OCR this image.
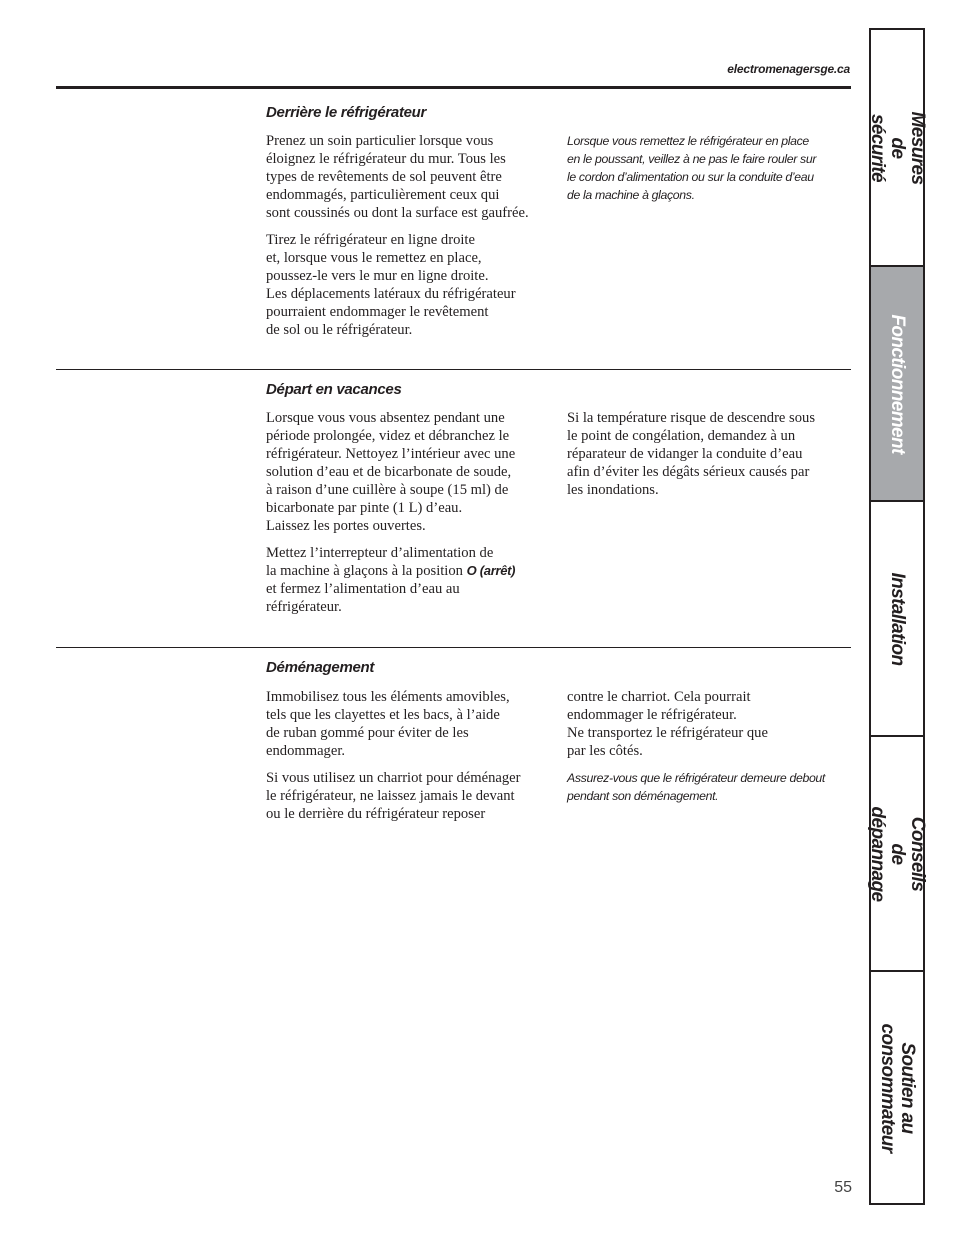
electromenagersge.ca
Derrière le réfrigérateur

Prenez un soin particulier lorsque vous
éloignez le réfrigérateur du mur. Tous les
types de revêtements de sol peuvent être
endommagés, particulièrement ceux qui
sont coussinés ou dont la surface est gaufrée.

Tirez le réfrigérateur en ligne droite
et, lorsque vous le remettez en place,
poussez-le vers le mur en ligne droite.
Les déplacements latéraux du réfrigérateur
pourraient endommager le revêtement
de sol ou le réfrigérateur.

Lorsque vous remettez le réfrigérateur en place
en le poussant, veillez à ne pas le faire rouler sur
le cordon d’alimentation ou sur la conduite d’eau
de la machine à glaçons.

Départ en vacances

Lorsque vous vous absentez pendant une
période prolongée, videz et débranchez le
réfrigérateur. Nettoyez l’intérieur avec une
solution d’eau et de bicarbonate de soude,
à raison d’une cuillère à soupe (15 ml) de
bicarbonate par pinte (1 L) d’eau.
Laissez les portes ouvertes.

Mettez l’interrepteur d’alimentation de
la machine à glaçons à la position O (arrêt)
et fermez l’alimentation d’eau au
réfrigérateur.

Si la température risque de descendre sous
le point de congélation, demandez à un
réparateur de vidanger la conduite d’eau
afin d’éviter les dégâts sérieux causés par
les inondations.

Déménagement

Immobilisez tous les éléments amovibles,
tels que les clayettes et les bacs, à l’aide
de ruban gommé pour éviter de les
endommager.

Si vous utilisez un charriot pour déménager
le réfrigérateur, ne laissez jamais le devant
ou le derrière du réfrigérateur reposer

contre le charriot. Cela pourrait
endommager le réfrigérateur.
Ne transportez le réfrigérateur que
par les côtés.

Assurez-vous que le réfrigérateur demeure debout
pendant son déménagement.

55
Mesures de sécurité
Fonctionnement
Installation
Conseils de dépannage
Soutien au
consommateur
